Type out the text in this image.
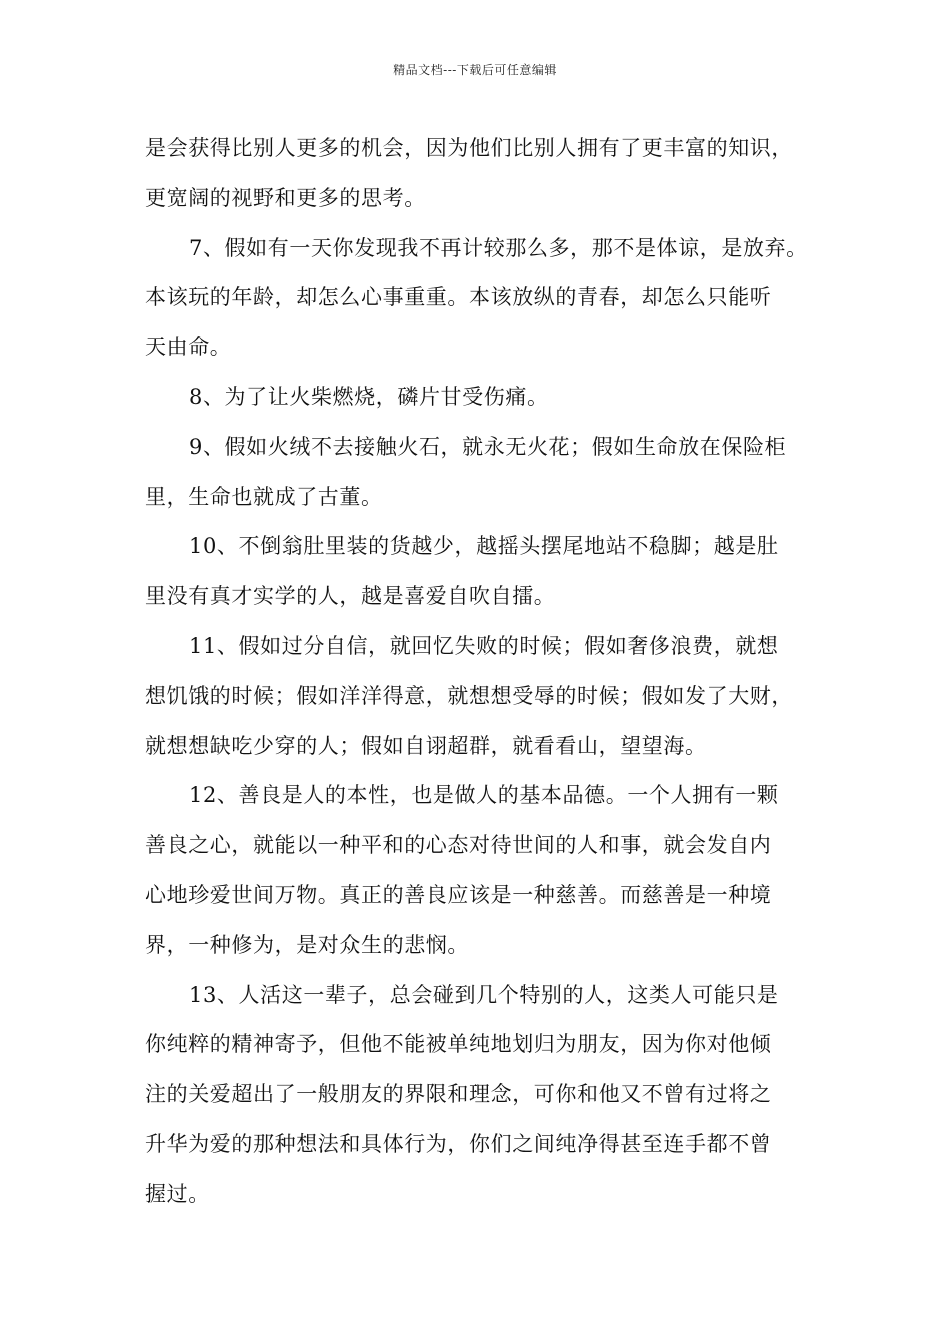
精品文档---下载后可任意编辑
是会获得比别人更多的机会，因为他们比别人拥有了更丰富的知识，
更宽阔的视野和更多的思考。
7、假如有一天你发现我不再计较那么多，那不是体谅，是放弃。
本该玩的年龄，却怎么心事重重。本该放纵的青春，却怎么只能听
天由命。
8、为了让火柴燃烧，磷片甘受伤痛。
9、假如火绒不去接触火石，就永无火花；假如生命放在保险柜
里，生命也就成了古董。
10、不倒翁肚里装的货越少，越摇头摆尾地站不稳脚；越是肚
里没有真才实学的人，越是喜爱自吹自擂。
11、假如过分自信，就回忆失败的时候；假如奢侈浪费，就想
想饥饿的时候；假如洋洋得意，就想想受辱的时候；假如发了大财，
就想想缺吃少穿的人；假如自诩超群，就看看山，望望海。
12、善良是人的本性，也是做人的基本品德。一个人拥有一颗
善良之心，就能以一种平和的心态对待世间的人和事，就会发自内
心地珍爱世间万物。真正的善良应该是一种慈善。而慈善是一种境
界，一种修为，是对众生的悲悯。
13、人活这一辈子，总会碰到几个特别的人，这类人可能只是
你纯粹的精神寄予，但他不能被单纯地划归为朋友，因为你对他倾
注的关爱超出了一般朋友的界限和理念，可你和他又不曾有过将之
升华为爱的那种想法和具体行为，你们之间纯净得甚至连手都不曾
握过。
